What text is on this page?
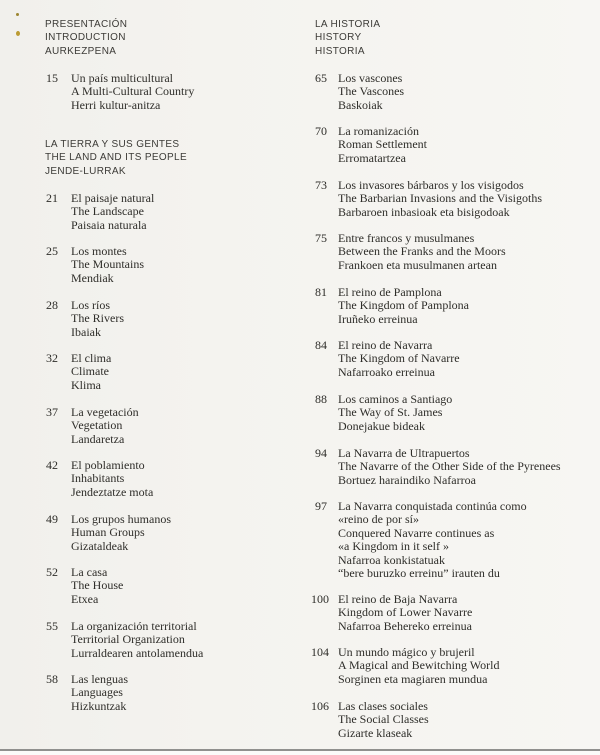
PRESENTACIÓN
INTRODUCTION
AURKEZPENA
15	Un país multicultural
A Multi-Cultural Country
Herri kultur-anitza
LA TIERRA Y SUS GENTES
THE LAND AND ITS PEOPLE
JENDE-LURRAK
21	El paisaje natural
The Landscape
Paisaia naturala
25	Los montes
The Mountains
Mendiak
28	Los ríos
The Rivers
Ibaiak
32	El clima
Climate
Klima
37	La vegetación
Vegetation
Landaretza
42	El poblamiento
Inhabitants
Jendeztatze mota
49	Los grupos humanos
Human Groups
Gizataldeak
52	La casa
The House
Etxea
55	La organización territorial
Territorial Organization
Lurraldearen antolamendua
58	Las lenguas
Languages
Hizkuntzak
LA HISTORIA
HISTORY
HISTORIA
65 Los vascones
The Vascones
Baskoiak
70 La romanización
Roman Settlement
Erromatartzea
73 Los invasores bárbaros y los visigodos
The Barbarian Invasions and the Visigoths
Barbaroen inbasioak eta bisigodoak
75 Entre francos y musulmanes
Between the Franks and the Moors
Frankoen eta musulmanen artean
81 El reino de Pamplona
The Kingdom of Pamplona
Iruñeko erreinua
84 El reino de Navarra
The Kingdom of Navarre
Nafarroako erreinua
88 Los caminos a Santiago
The Way of St. James
Donejakue bideak
94 La Navarra de Ultrapuertos
The Navarre of the Other Side of the Pyrenees
Bortuez haraindiko Nafarroa
97 La Navarra conquistada continúa como
«reino de por sí»
Conquered Navarre continues as
«a Kingdom in it self »
Nafarroa konkistatuak
“bere buruzko erreinu” irauten du
100 El reino de Baja Navarra
Kingdom of Lower Navarre
Nafarroa Behereko erreinua
104 Un mundo mágico y brujeril
A Magical and Bewitching World
Sorginen eta magiaren mundua
106 Las clases sociales
The Social Classes
Gizarte klaseak
